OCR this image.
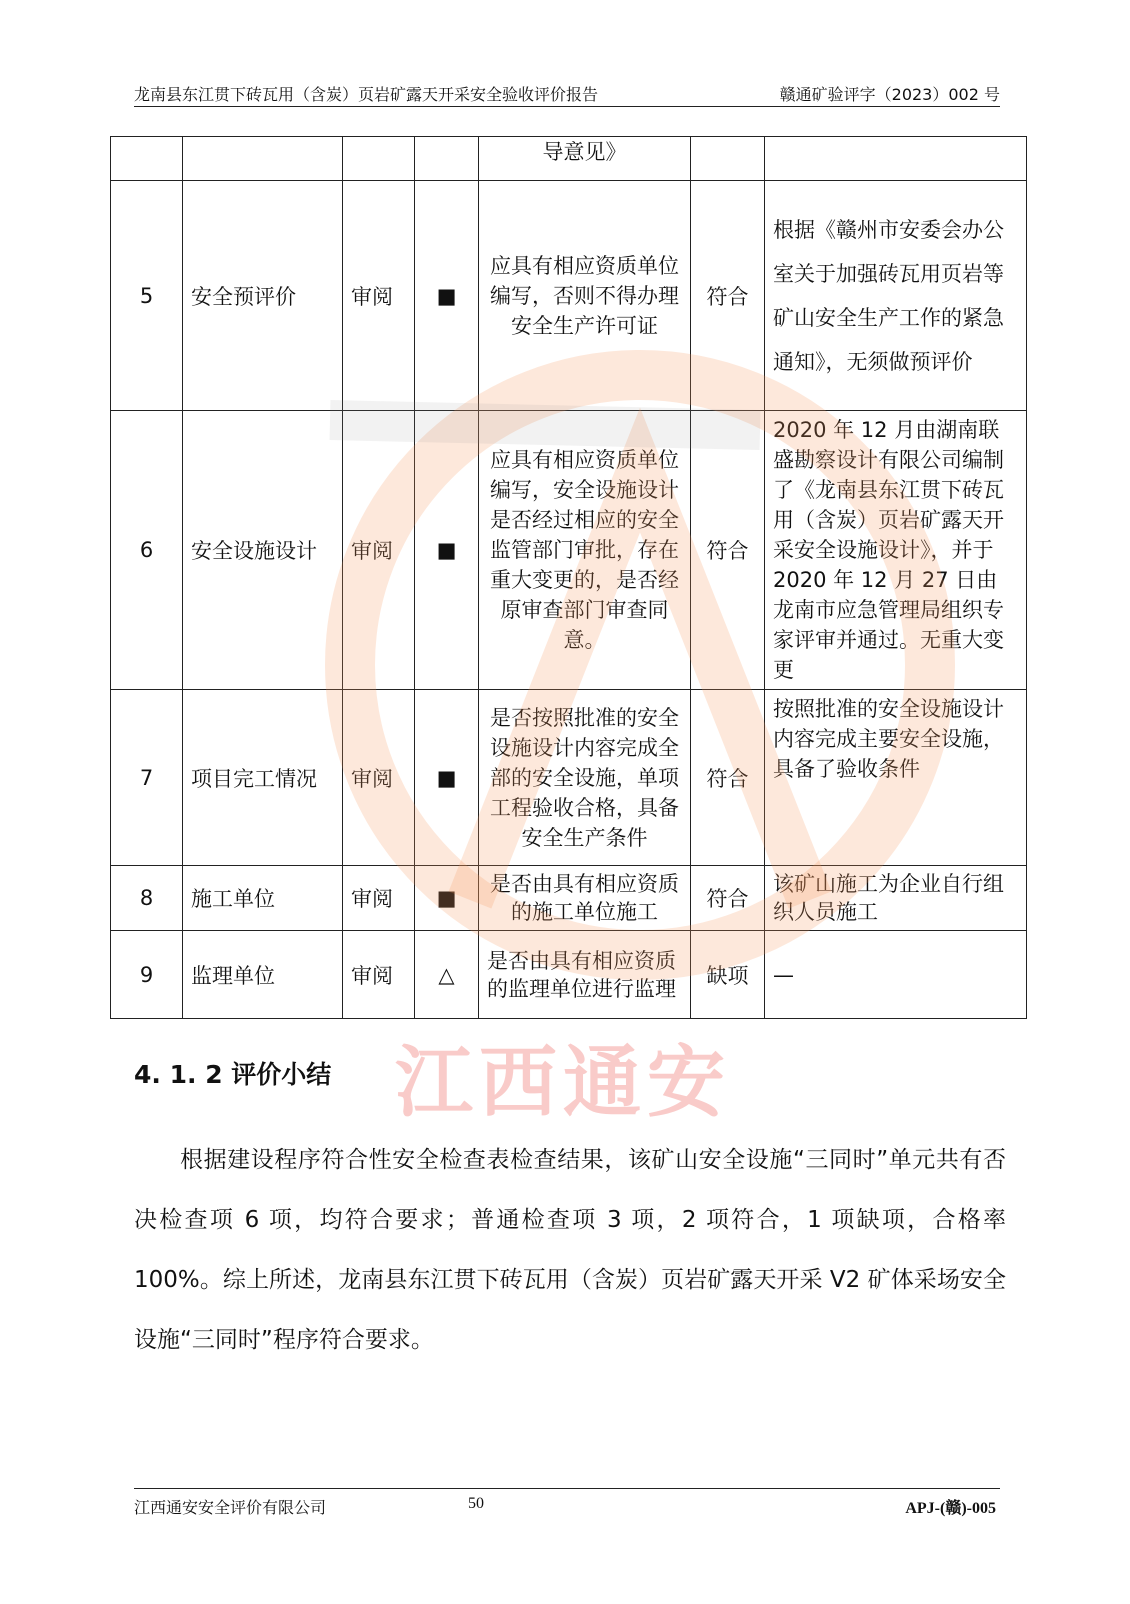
龙南县东江贯下砖瓦用（含炭）页岩矿露天开采安全验收评价报告	赣通矿验评字（2023）002 号
				导意见》		
5	安全预评价	审阅	■	应具有相应资质单位编写，否则不得办理安全生产许可证	符合	根据《赣州市安委会办公室关于加强砖瓦用页岩等矿山安全生产工作的紧急通知》，无须做预评价
6	安全设施设计	审阅	■	应具有相应资质单位编写，安全设施设计是否经过相应的安全监管部门审批，存在重大变更的，是否经原审查部门审查同意。	符合	2020 年 12 月由湖南联盛勘察设计有限公司编制了《龙南县东江贯下砖瓦用（含炭）页岩矿露天开采安全设施设计》，并于 2020 年 12 月 27 日由龙南市应急管理局组织专家评审并通过。无重大变更
7	项目完工情况	审阅	■	是否按照批准的安全设施设计内容完成全部的安全设施，单项工程验收合格，具备安全生产条件	符合	按照批准的安全设施设计内容完成主要安全设施，具备了验收条件
8	施工单位	审阅	■	是否由具有相应资质的施工单位施工	符合	该矿山施工为企业自行组织人员施工
9	监理单位	审阅	△	是否由具有相应资质的监理单位进行监理	缺项	—
4. 1. 2 评价小结
根据建设程序符合性安全检查表检查结果，该矿山安全设施“三同时”单元共有否决检查项 6 项，均符合要求；普通检查项 3 项，2 项符合，1 项缺项，合格率 100%。综上所述，龙南县东江贯下砖瓦用（含炭）页岩矿露天开采 V2 矿体采场安全设施“三同时”程序符合要求。
江西通安
江西通安安全评价有限公司	50	APJ-(赣)-005
